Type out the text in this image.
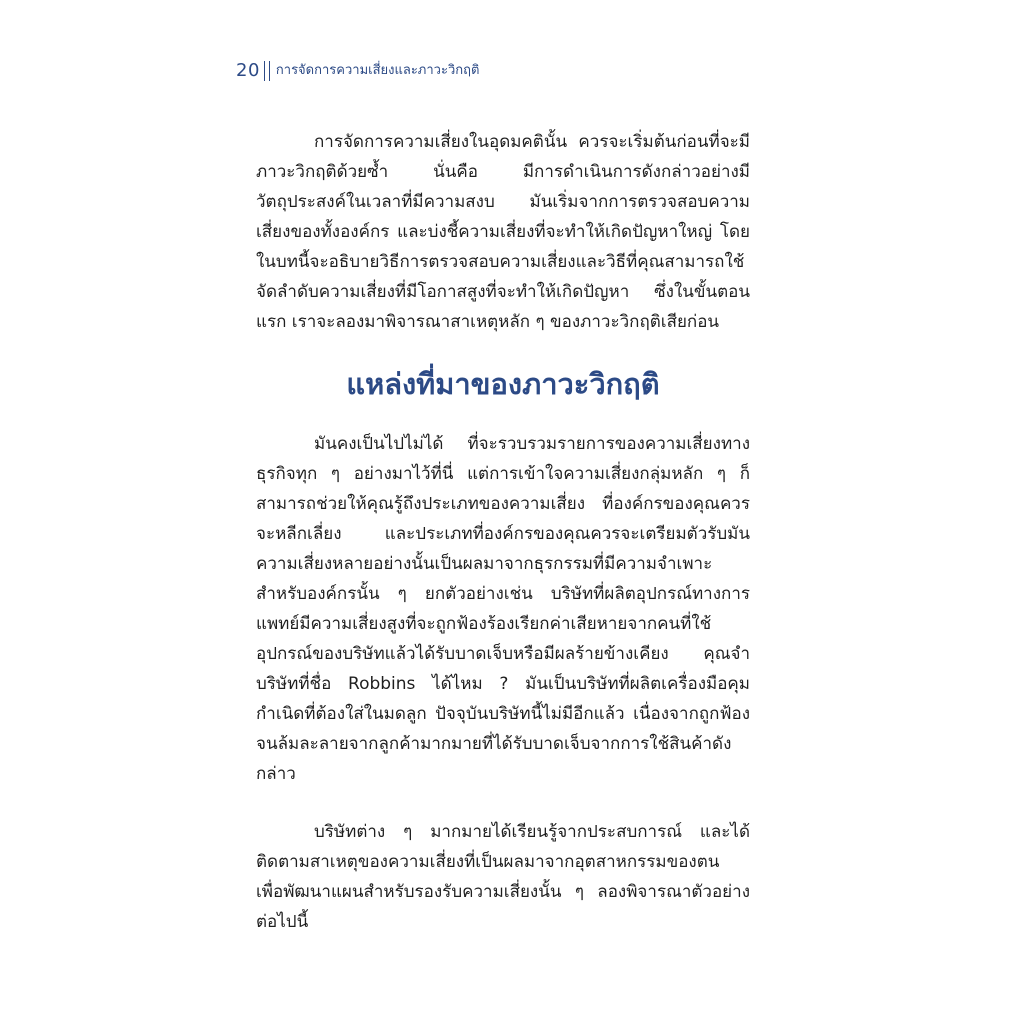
20 การจัดการความเสี่ยงและภาวะวิกฤติ

การจัดการความเสี่ยงในอุดมคตินั้น ควรจะเริ่มต้นก่อนที่จะมีภาวะวิกฤติด้วยซ้ำ นั่นคือ มีการดำเนินการดังกล่าวอย่างมีวัตถุประสงค์ในเวลาที่มีความสงบ มันเริ่มจากการตรวจสอบความเสี่ยงของทั้งองค์กร และบ่งชี้ความเสี่ยงที่จะทำให้เกิดปัญหาใหญ่ โดยในบทนี้จะอธิบายวิธีการตรวจสอบความเสี่ยงและวิธีที่คุณสามารถใช้จัดลำดับความเสี่ยงที่มีโอกาสสูงที่จะทำให้เกิดปัญหา ซึ่งในขั้นตอนแรก เราจะลองมาพิจารณาสาเหตุหลัก ๆ ของภาวะวิกฤติเสียก่อน

แหล่งที่มาของภาวะวิกฤติ

มันคงเป็นไปไม่ได้ ที่จะรวบรวมรายการของความเสี่ยงทางธุรกิจทุก ๆ อย่างมาไว้ที่นี่ แต่การเข้าใจความเสี่ยงกลุ่มหลัก ๆ ก็สามารถช่วยให้คุณรู้ถึงประเภทของความเสี่ยง ที่องค์กรของคุณควรจะหลีกเลี่ยง และประเภทที่องค์กรของคุณควรจะเตรียมตัวรับมันความเสี่ยงหลายอย่างนั้นเป็นผลมาจากธุรกรรมที่มีความจำเพาะสำหรับองค์กรนั้น ๆ ยกตัวอย่างเช่น บริษัทที่ผลิตอุปกรณ์ทางการแพทย์มีความเสี่ยงสูงที่จะถูกฟ้องร้องเรียกค่าเสียหายจากคนที่ใช้อุปกรณ์ของบริษัทแล้วได้รับบาดเจ็บหรือมีผลร้ายข้างเคียง คุณจำบริษัทที่ชื่อ Robbins ได้ไหม ? มันเป็นบริษัทที่ผลิตเครื่องมือคุมกำเนิดที่ต้องใส่ในมดลูก ปัจจุบันบริษัทนี้ไม่มีอีกแล้ว เนื่องจากถูกฟ้องจนล้มละลายจากลูกค้ามากมายที่ได้รับบาดเจ็บจากการใช้สินค้าดังกล่าว

บริษัทต่าง ๆ มากมายได้เรียนรู้จากประสบการณ์ และได้ติดตามสาเหตุของความเสี่ยงที่เป็นผลมาจากอุตสาหกรรมของตน เพื่อพัฒนาแผนสำหรับรองรับความเสี่ยงนั้น ๆ ลองพิจารณาตัวอย่างต่อไปนี้
